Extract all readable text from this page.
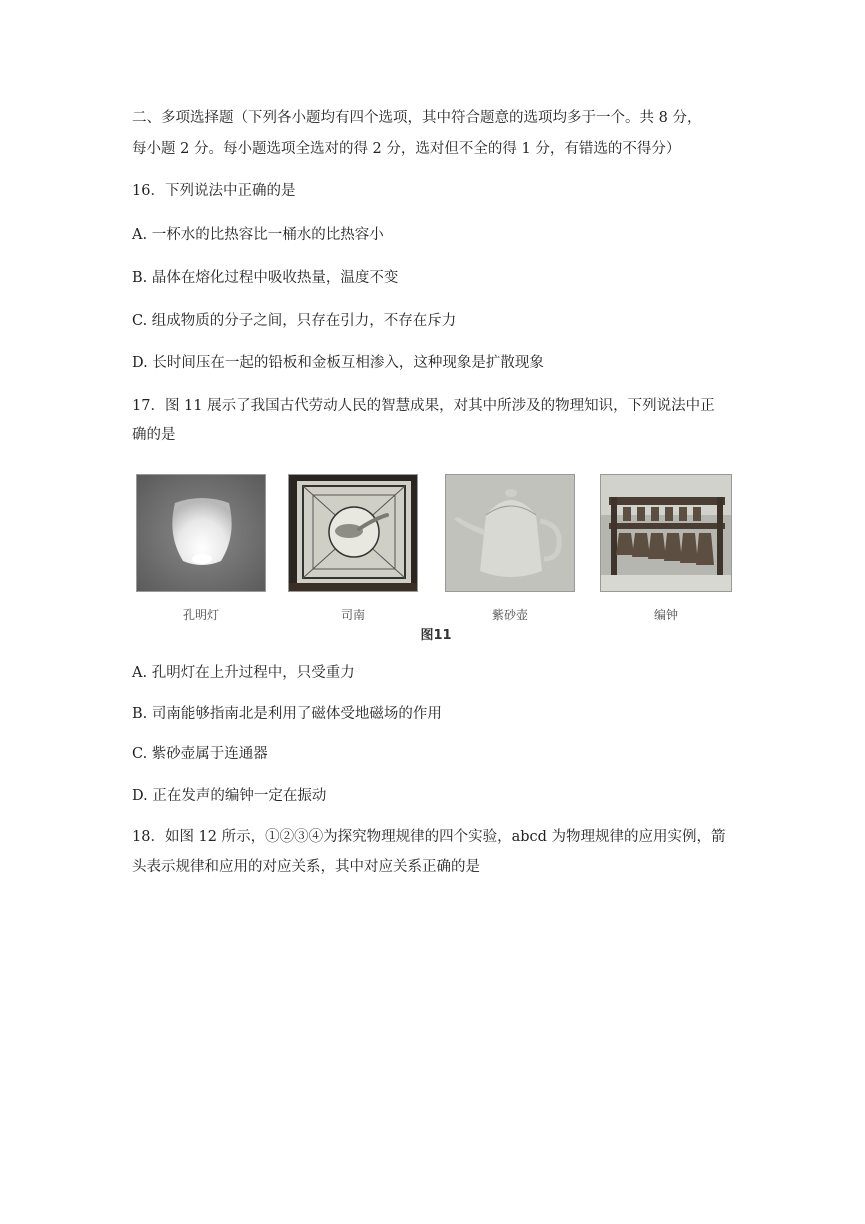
二、多项选择题（下列各小题均有四个选项，其中符合题意的选项均多于一个。共 8 分，
每小题 2 分。每小题选项全选对的得 2 分，选对但不全的得 1 分，有错选的不得分）
16．下列说法中正确的是
A. 一杯水的比热容比一桶水的比热容小
B. 晶体在熔化过程中吸收热量，温度不变
C. 组成物质的分子之间，只存在引力，不存在斥力
D. 长时间压在一起的铅板和金板互相渗入，这种现象是扩散现象
17．图 11 展示了我国古代劳动人民的智慧成果，对其中所涉及的物理知识，下列说法中正
确的是
孔明灯	司南	紫砂壶	编钟
图11
A. 孔明灯在上升过程中，只受重力
B. 司南能够指南北是利用了磁体受地磁场的作用
C. 紫砂壶属于连通器
D. 正在发声的编钟一定在振动
18．如图 12 所示，①②③④为探究物理规律的四个实验，abcd 为物理规律的应用实例，箭
头表示规律和应用的对应关系，其中对应关系正确的是
